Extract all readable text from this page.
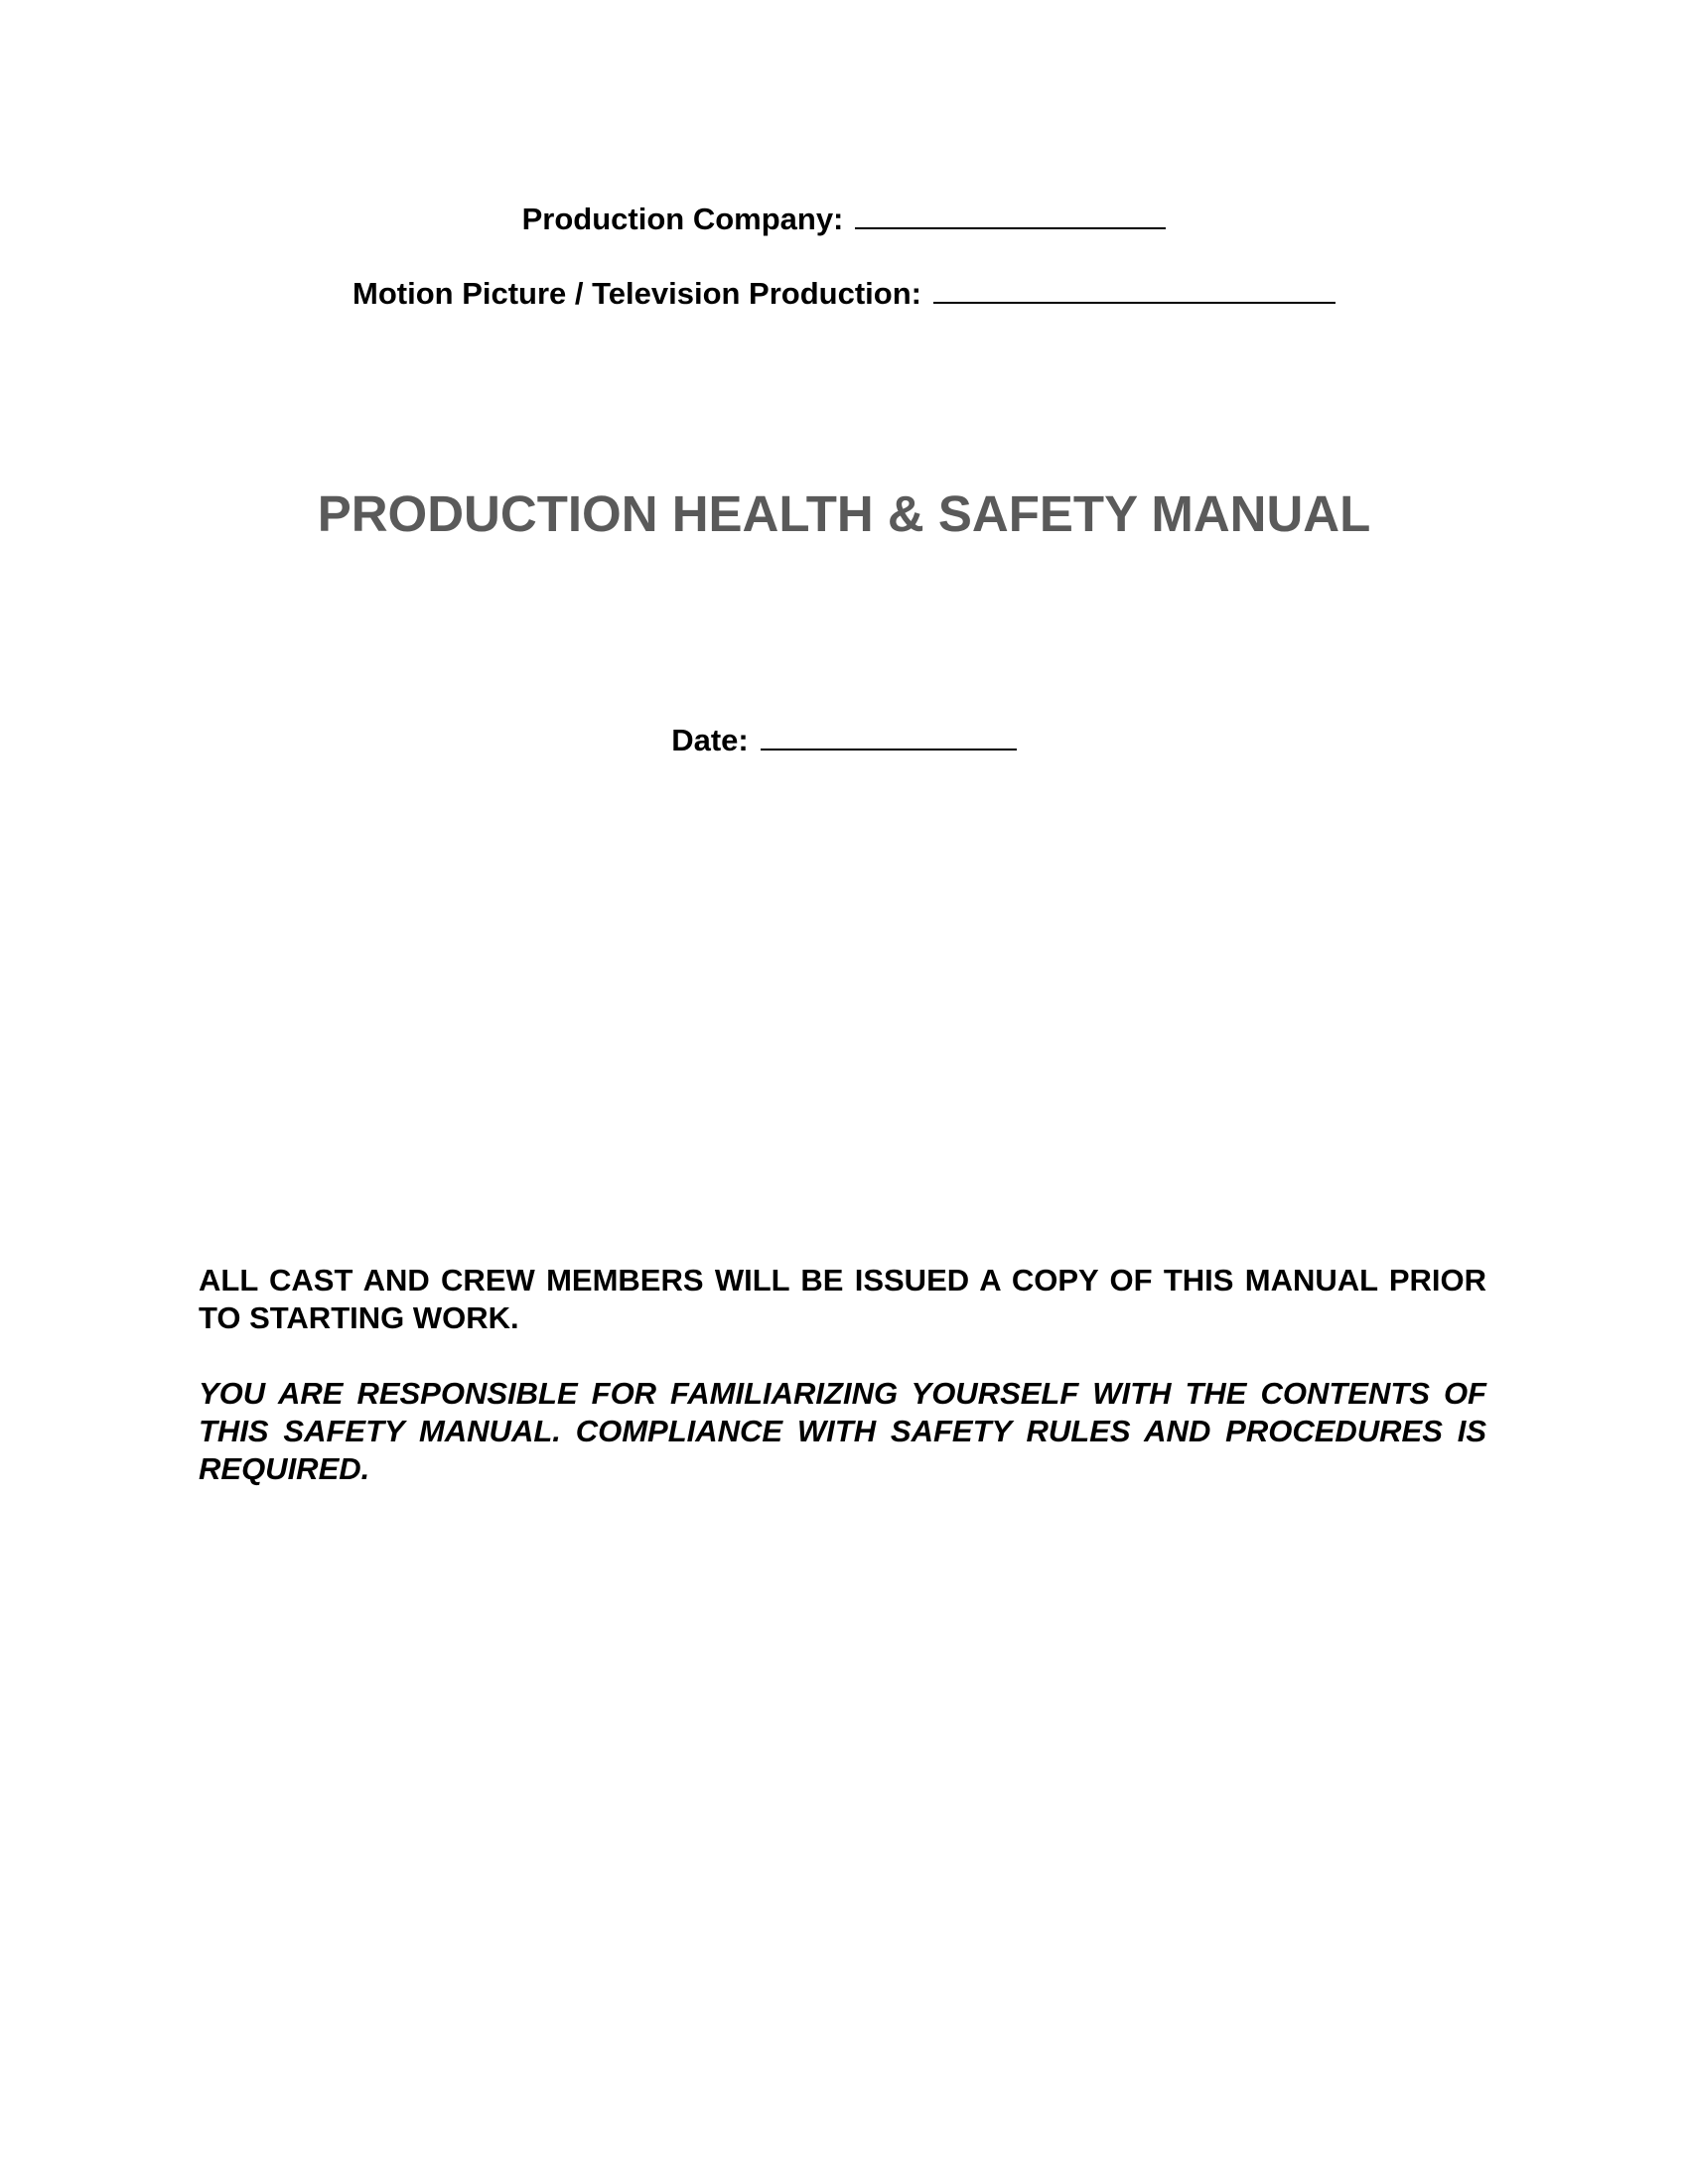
Production Company:
Motion Picture / Television Production:
PRODUCTION HEALTH & SAFETY MANUAL
Date:

ALL CAST AND CREW MEMBERS WILL BE ISSUED A COPY OF THIS MANUAL PRIOR TO STARTING WORK.

YOU ARE RESPONSIBLE FOR FAMILIARIZING YOURSELF WITH THE CONTENTS OF THIS SAFETY MANUAL. COMPLIANCE WITH SAFETY RULES AND PROCEDURES IS REQUIRED.
